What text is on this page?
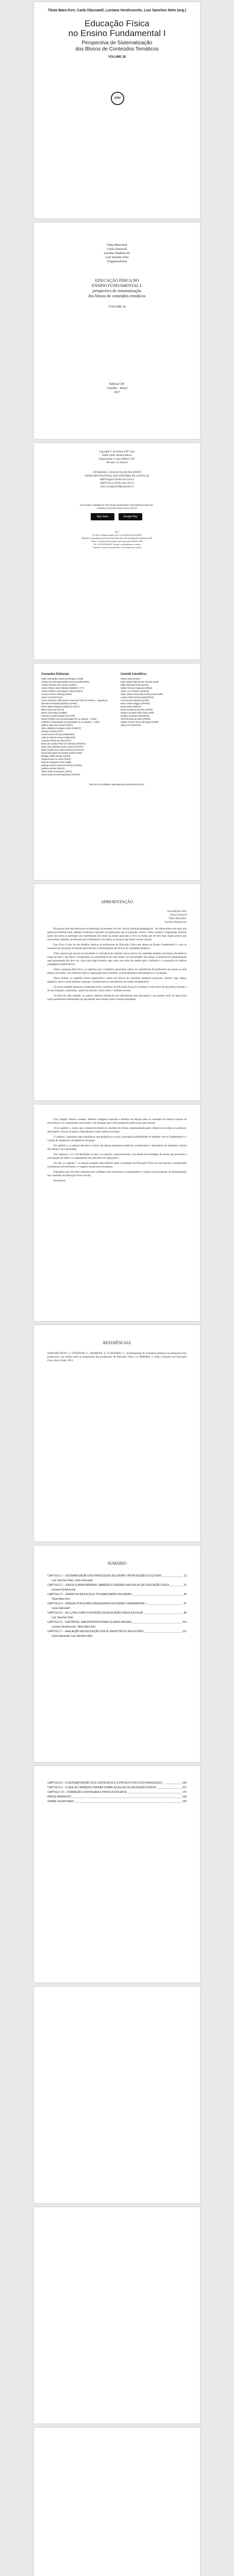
Tânia Mara Kerr, Carla Glasswell, Luciana Vendruscolo, Luiz Sanches Neto (org.)
Educação Física
no Ensino Fundamental I
Perspectiva de Sistematização
dos Blocos de Conteúdos Temáticos
VOLUME 28
CRV
Tânia Mara Kerr
Carla Glasswell
Luciana Vendruscolo
Luiz Sanches Neto
(Organizadores)
EDUCAÇÃO FÍSICA NO
ENSINO FUNDAMENTAL I:
perspectiva de sistematização
dos blocos de conteúdos temáticos
VOLUME 28
Editora CRV
Curitiba – Brasil
2017
Copyright © da Editora CRV Ltda.
Editor-chefe: Railson Moura
Diagramação e Capa: Editora CRV
Revisão: Os Autores
CIP-BRASIL. CATALOGAÇÃO-NA-FONTE
SINDICATO NACIONAL DOS EDITORES DE LIVROS, RJ
ISBN Digital 978-85-444-1914-2
ISBN Físico 978-85-444-1915-9
DOI 10.24824/978854441915.9
ESTA OBRA TAMBÉM SE ENCONTRA DISPONÍVEL EM FORMATO DIGITAL.
CONHEÇA E BAIXE NOSSO APLICATIVO!
App Store	Google Play
2017
Foi feito o depósito legal conf. Lei 10.994 de 14/12/2004
Proibida a reprodução parcial ou total desta obra sem autorização da Editora CRV
Todos os direitos desta edição reservados pela: Editora CRV
Tel.: (41) 3039-6418 - E-mail: sac@editoracrv.com.br
Conheça os nossos lançamentos: www.editoracrv.com.br
Conselho Editorial:
Aldira Guimarães Duarte Domínguez (UNB)
Andréia da Silva Quintanilha Sousa (UNIR/UFRN)
Antônio Pereira Gaio Júnior (UFRRJ)
Carlos Alberto Vilar Estêvão (UMINHO – PT)
Carlos Federico Dominguez Avila (Unieuro)
Carmen Tereza Velanga (UNIR)
Celso Conti (UFSCar)
Cesar Gerónimo Tello (Univer. Nacional Três de Febrero – Argentina)
Eduardo Fernandes Barbosa (UFMG)
Elione Maria Nogueira Diogenes (UFAL)
Élsio José Corá (UFFS)
Elizeu Clementino (UNEB)
Francisco Carlos Duarte (PUC-PR)
Gloria Fariñas León (Universidade de La Havana – Cuba)
Guillermo Arias Beatón (Universidade de La Havana – Cuba)
Jailson Alves dos Santos (UFRJ)
João Adalberto Campato Junior (UNESP)
Josania Portela (UFPI)
Leonel Severo Rocha (UNISINOS)
Lídia de Oliveira Xavier (UNIEURO)
Lourdes Helena da Silva (UFV)
Maria de Lourdes Pinto de Almeida (UNOESC)
Maria Lília Imbiriba Sousa Colares (UFOPA)
Maria Cristina dos Santos Bezerra (UFSCar)
Paulo Romualdo Hernandes (UNIFAL-MG)
Rodrigo Pratte-Santos (UFES)
Sérgio Nunes de Jesus (IFRO)
Simone Rodrigues Pinto (UNB)
Solange Helena Ximenes-Rocha (UFOPA)
Sydione Santos (UEPG)
Tadeu Oliver Gonçalves (UFPA)
Tania Suely Azevedo Brasileiro (UFOPA)
Comitê Científico:
Cleber Dias (UFMG)
Dulce Maria Filgueira de Almeida (UnB)
Fábio Machado Pinto (UFSC)
Helder Ferreira Isayama (UFMG)
Jorge Luiz Cardoso (UFRGS)
Kátia Cristina Zaccarias Pereira (UNICAMP)
Laércio Elias Pereira (UNIVERSO)
Lúcia Gomes Silveira (UFMG)
Marco Paulo Stigger (UFRGS)
Mauro Betti (UNESP)
Maurício Moreira da Silva (UFPE)
Rogério de Melo Grillo (UNICAMP)
Rodrigo Cavasini (UNISINOS)
Sílvio Ricardo da Silva (UFMG)
Ulisses Ferraz Torres Menegaz (UFMS)
Zilda Lins (UNIVASF)
Este livro foi avaliado e aprovado por pareceristas ad hoc.
APRESENTAÇÃO
Luiz Sanches Neto
Carla Glasswell
Tânia Mara Kerr
Luciana Vendruscolo

Há poucos dias sem descansar na elaboração do presente livro de "provas literárias-pedagógicas". Ao elaborarmos esta obra, que ganha seu formato final, também recebemos sugestões de professores que se juntaram conosco. Nesse sentido, é importante sinalizar quem são todos os partícipes que contribuíram em maior ou menor grau para o livro na forma que ele tem hoje, sejam autores que escreveram capítulos, professores que colaboraram com ideias, ou pessoas que leram versões iniciais.

Este livro é fruto de um trabalho coletivo de professores de Educação Física que atuam no Ensino Fundamental I e que se reuniram em um grupo de estudos para discutir a sistematização dos blocos de conteúdos temáticos.

Outro aspecto que merece ser ressaltado é a relevância do trabalho com os blocos de conteúdos temáticos de forma articulada ao longo de todo o ano letivo, considerando as características de cada turma e as necessidades dos alunos. A proposta de sistematização aqui apresentada não deve ser vista como algo fechado, mas como um ponto de partida para a reflexão e a construção de práticas pedagógicas significativas.

Sobre a proposta deste livro, os capítulos que o compõem apresentam relatos de experiências de professores que atuam na rede pública de ensino, com reflexões sobre a organização dos conteúdos, os procedimentos metodológicos e a avaliação.

Nesse sentido, os capítulos foram organizados a partir dos blocos de conteúdos temáticos propostos: esporte, jogo, dança, ginástica, lutas e outras práticas corporais, considerando as características do ensino fundamental I.

Os textos também destacam a importância de o professor de Educação Física se reconhecer como autor de sua prática docente e de sua formação continuada, a partir da reflexão crítica sobre o cotidiano escolar.

Ao final de cada capítulo, os autores indicam referências que subsidiaram suas discussões e que podem servir de apoio para outros professores interessados em aprofundar seus estudos sobre os temas abordados.

Luiz, Angelo, Jéssica, Leandro, Daniela e Regiane exploram a temática da relação entre os conteúdos da cultura corporal de movimento e os componentes curriculares, com destaque para a diversidade de práticas nos anos iniciais.

Já no capítulo 2, vemos que o desenvolvimento de conceitos de forma contextualizada pode orientar as escolhas do professor, articulando o ensino de jogos e brincadeiras a outros saberes escolares.

O capítulo 3 apresenta uma experiência com ginástica na escola, mostrando possibilidades de trabalho com os fundamentos e a criação de sequências coreográficas em grupo.

No capítulo 4, as autoras discutem o ensino das danças populares brasileiras, evidenciando a importância do repertório cultural dos alunos e da comunidade.

Nos capítulos 5 e 6, são abordadas as lutas e os esportes, respectivamente, com ênfase em estratégias de ensino que priorizam a participação de todos e a compreensão dos princípios de cada prática.

Por fim, no capítulo 7, os autores propõem uma reflexão sobre a avaliação em Educação Física nos anos iniciais, considerando instrumentos diversificados e o registro do percurso dos alunos.

Esperamos que esta obra contribua para o diálogo entre professores e pesquisadores e inspire novas propostas de sistematização dos conteúdos da Educação Física escolar.

Boa leitura!

REFERÊNCIAS
SANCHES NETO, L.; VENÂNCIO, L.; OKIMURA, T.; CLASSWELL, C. Sistematização de conteúdos temáticos na perspectiva dos professores: um estudo sobre as proposições dos professores de Educação Física. In: PEREIRA, F. (Org.). Pesquisa em Educação Física. Ijuí: Unijuí, 2013.
SUMÁRIO
CAPÍTULO 1 – SISTEMATIZAÇÃO DOS PROCESSOS DE ENSINO: PROPOSIÇÕES COLETIVAS	13
Luiz Sanches Neto, Carla Glasswell
CAPÍTULO 2 – JOGOS E BRINCADEIRAS: SABERES E FAZERES NAS AULAS DE EDUCAÇÃO FÍSICA	31
Luciana Vendruscolo
CAPÍTULO 3 – GINÁSTICA NA ESCOLA: POSSIBILIDADES DE ENSINO	49
Tânia Mara Kerr
CAPÍTULO 4 – DANÇAS POPULARES BRASILEIRAS NO ENSINO FUNDAMENTAL I	67
Carla Glasswell
CAPÍTULO 5 – AS LUTAS COMO CONTEÚDO DA EDUCAÇÃO FÍSICA ESCOLAR	85
Luiz Sanches Neto
CAPÍTULO 6 – ESPORTES: UMA PROPOSTA PARA OS ANOS INICIAIS	103
Luciana Vendruscolo, Tânia Mara Kerr
CAPÍTULO 7 – AVALIAÇÃO EM EDUCAÇÃO FÍSICA: REGISTROS E REFLEXÕES	121
Carla Glasswell, Luiz Sanches Neto
CAPÍTULO 8 – A SISTEMATIZAÇÃO DOS CONTEÚDOS E O PROJETO POLÍTICO-PEDAGÓGICO	139
CAPÍTULO 9 – O QUE AS CRIANÇAS PENSAM SOBRE AS AULAS DE EDUCAÇÃO FÍSICA?	157
CAPÍTULO 10 – FORMAÇÃO CONTINUADA E PRÁTICA DOCENTE	175
ÍNDICE REMISSIVO	193
SOBRE OS AUTORES	195
